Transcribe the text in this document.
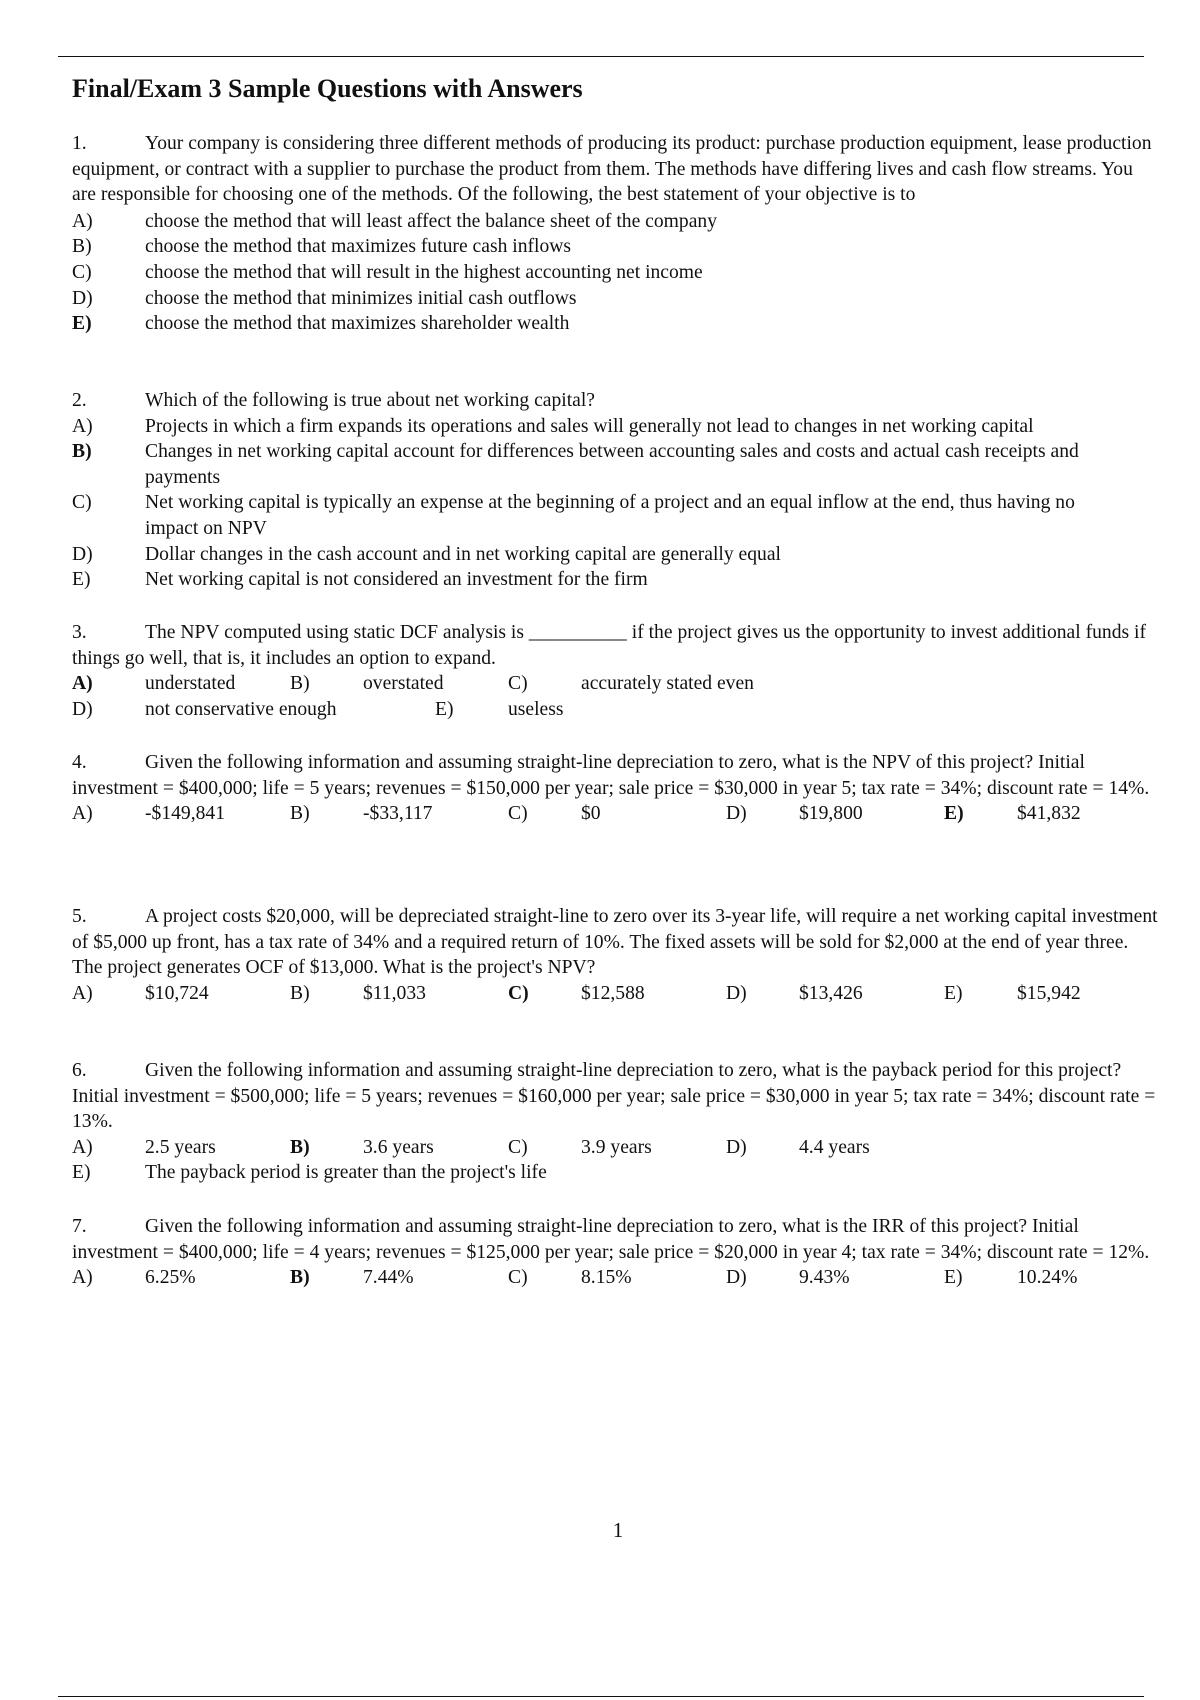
Final/Exam 3 Sample Questions with Answers
1.	Your company is considering three different methods of producing its product: purchase production equipment, lease production equipment, or contract with a supplier to purchase the product from them. The methods have differing lives and cash flow streams. You are responsible for choosing one of the methods. Of the following, the best statement of your objective is to
A)	choose the method that will least affect the balance sheet of the company
B)	choose the method that maximizes future cash inflows
C)	choose the method that will result in the highest accounting net income
D)	choose the method that minimizes initial cash outflows
E)	choose the method that maximizes shareholder wealth
2.	Which of the following is true about net working capital?
A)	Projects in which a firm expands its operations and sales will generally not lead to changes in net working capital
B)	Changes in net working capital account for differences between accounting sales and costs and actual cash receipts and payments
C)	Net working capital is typically an expense at the beginning of a project and an equal inflow at the end, thus having no impact on NPV
D)	Dollar changes in the cash account and in net working capital are generally equal
E)	Net working capital is not considered an investment for the firm
3.	The NPV computed using static DCF analysis is __________ if the project gives us the opportunity to invest additional funds if things go well, that is, it includes an option to expand.
A)	understated	B)	overstated	C)	accurately stated even
D)	not conservative enough	E)	useless
4.	Given the following information and assuming straight-line depreciation to zero, what is the NPV of this project? Initial investment = $400,000; life = 5 years; revenues = $150,000 per year; sale price = $30,000 in year 5; tax rate = 34%; discount rate = 14%.
A)	-$149,841	B)	-$33,117	C)	$0	D)	$19,800	E)	$41,832
5.	A project costs $20,000, will be depreciated straight-line to zero over its 3-year life, will require a net working capital investment of $5,000 up front, has a tax rate of 34% and a required return of 10%. The fixed assets will be sold for $2,000 at the end of year three. The project generates OCF of $13,000. What is the project's NPV?
A)	$10,724	B)	$11,033	C)	$12,588	D)	$13,426	E)	$15,942
6.	Given the following information and assuming straight-line depreciation to zero, what is the payback period for this project? Initial investment = $500,000; life = 5 years; revenues = $160,000 per year; sale price = $30,000 in year 5; tax rate = 34%; discount rate = 13%.
A)	2.5 years	B)	3.6 years	C)	3.9 years	D)	4.4 years
E)	The payback period is greater than the project's life
7.	Given the following information and assuming straight-line depreciation to zero, what is the IRR of this project? Initial investment = $400,000; life = 4 years; revenues = $125,000 per year; sale price = $20,000 in year 4; tax rate = 34%; discount rate = 12%.
A)	6.25%	B)	7.44%	C)	8.15%	D)	9.43%	E)	10.24%
1
